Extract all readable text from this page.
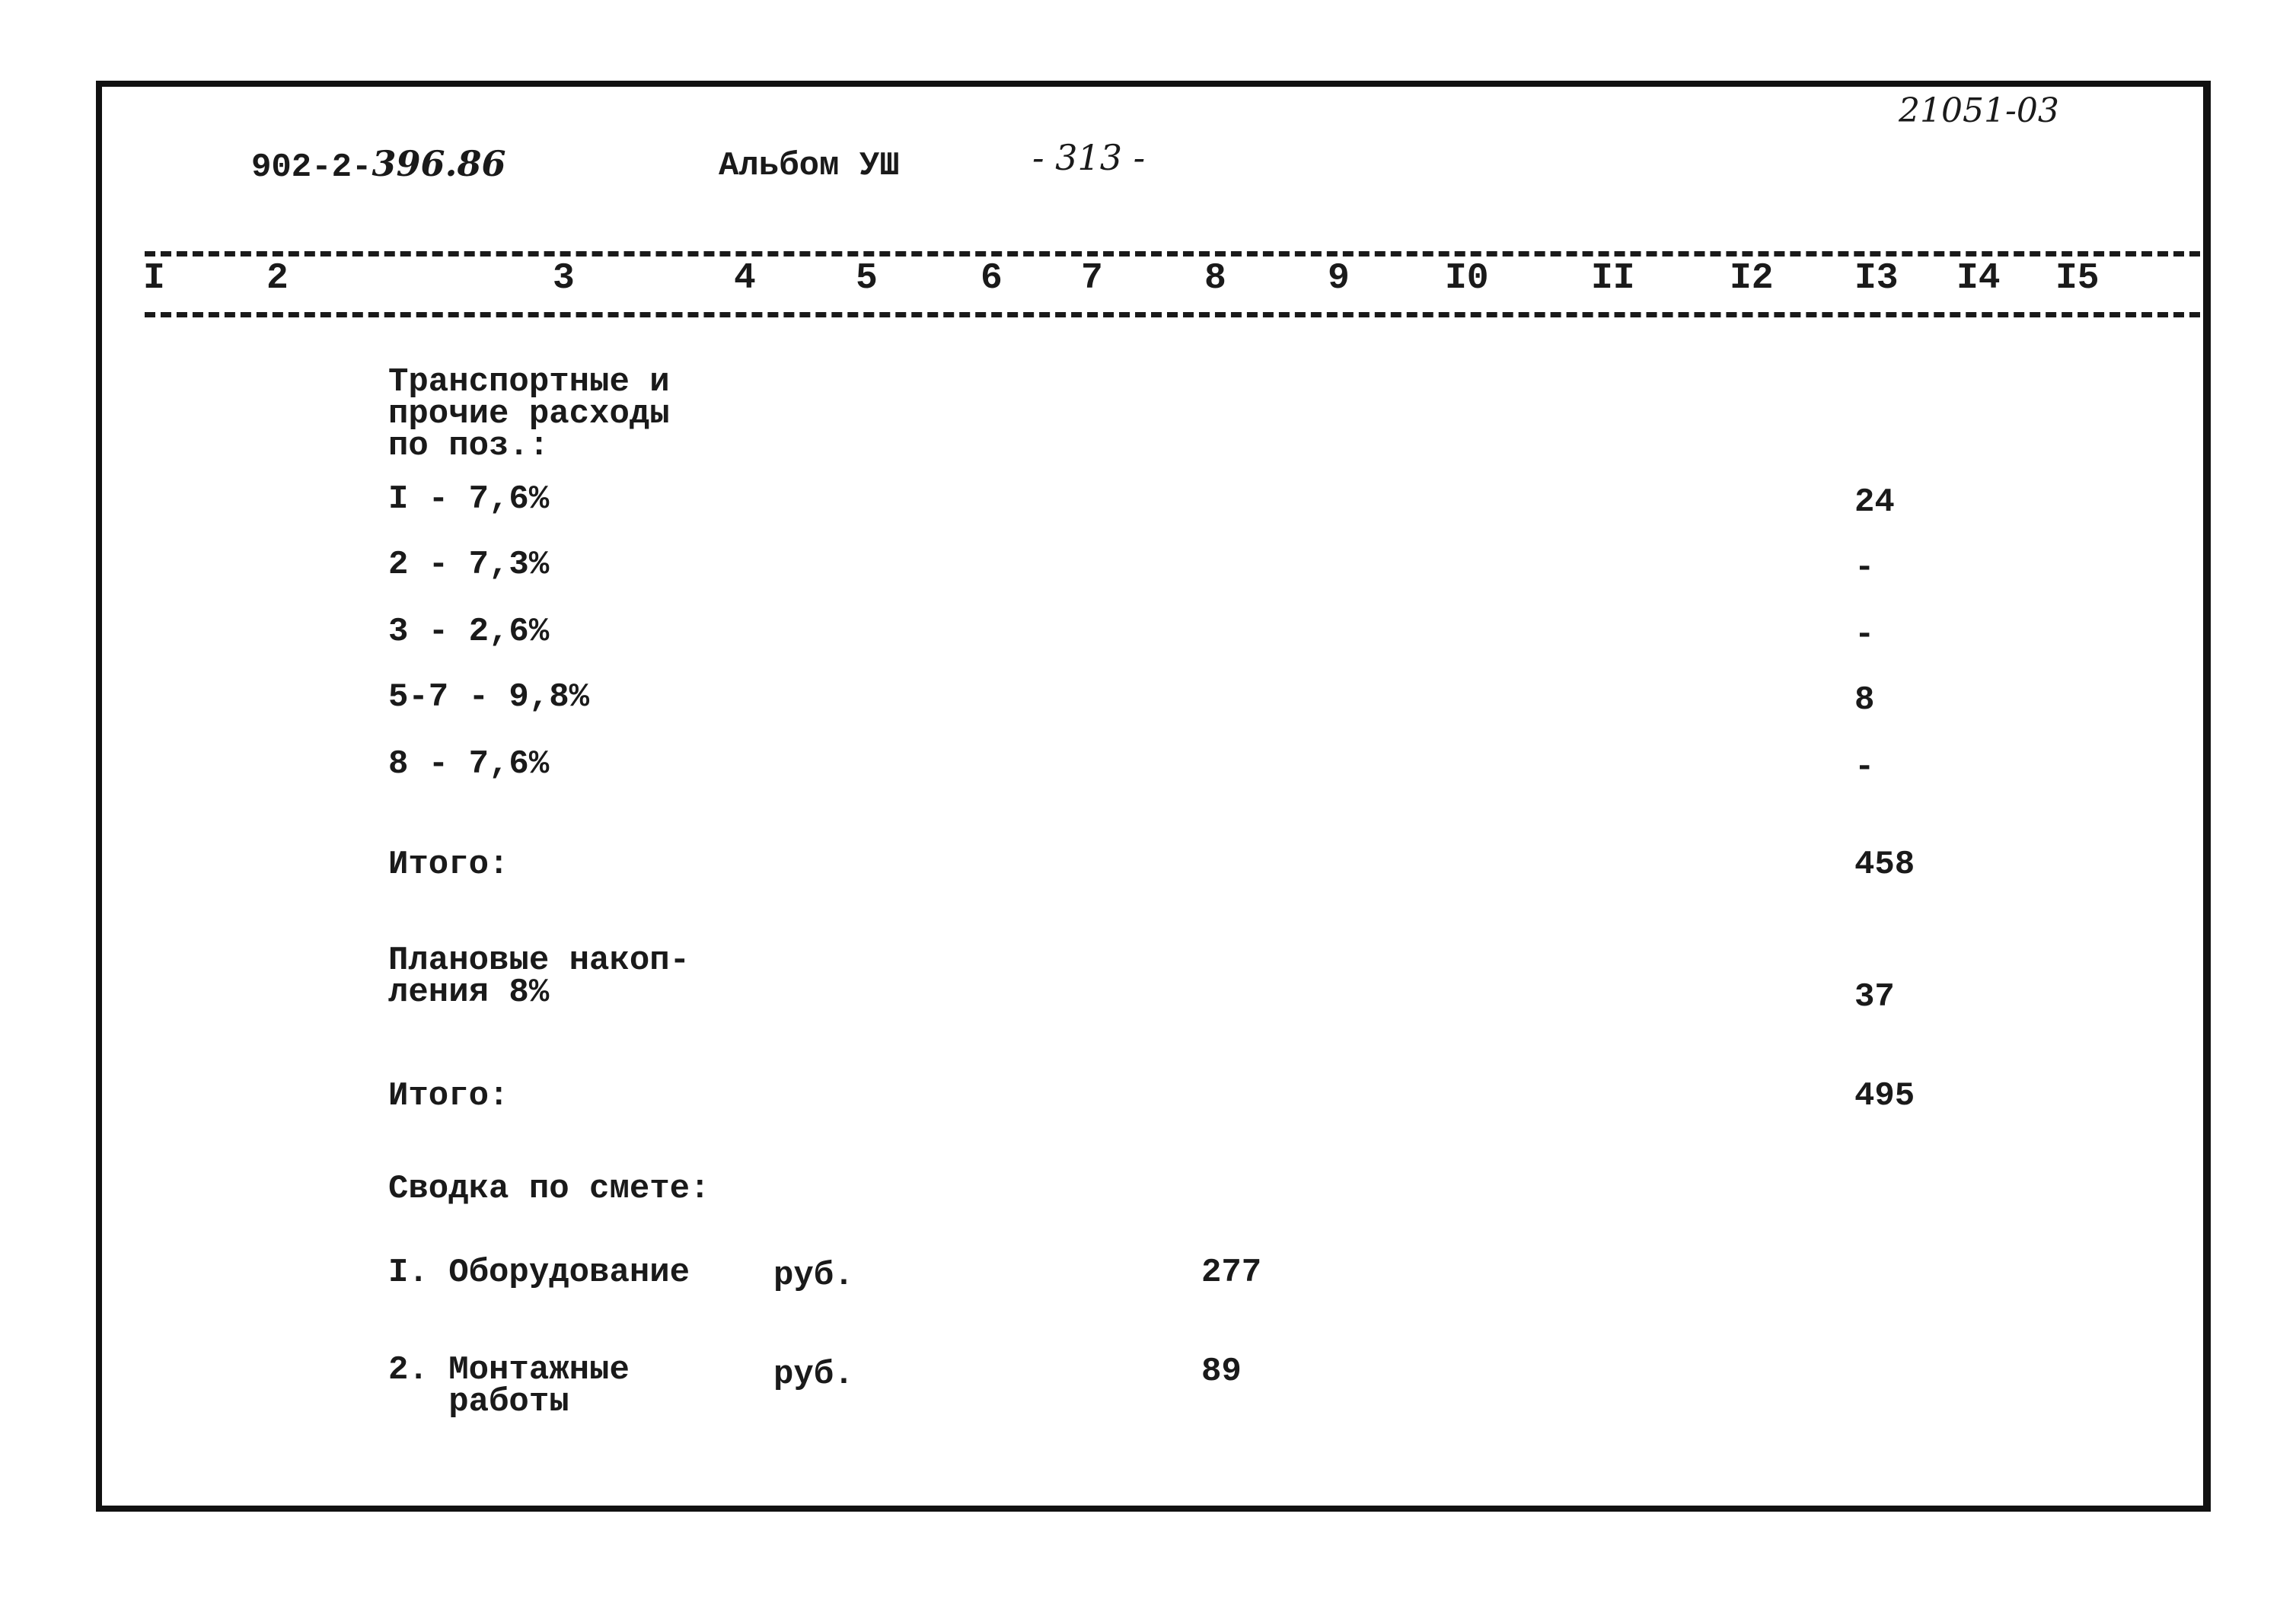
902-2-396.86	Альбом УШ	- 313 -
21051-03
I	2	3	4	5	6 7	8	9	I0	II	I2 I3 I4 I5
Транспортные и
прочие расходы
по поз.:
I - 7,6%	24
2 - 7,3%	-
3 - 2,6%	-
5-7 - 9,8%	8
8 - 7,6%	-
Итого:	458
Плановые накоп-
ления 8%	37
Итого:	495
Сводка по смете:
I. Оборудование руб.	277
2. Монтажные
работы
руб.	89
